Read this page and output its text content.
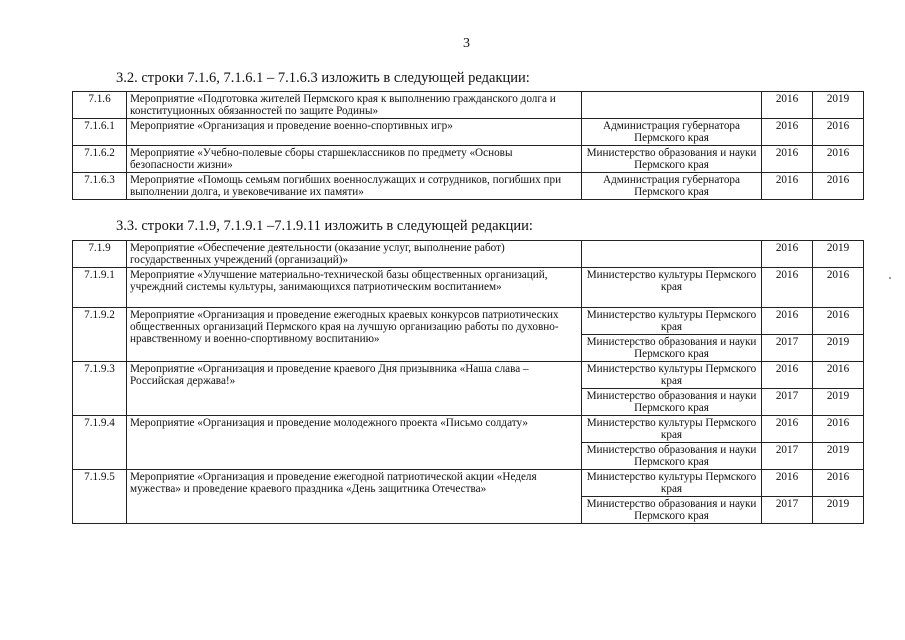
3
3.2. строки 7.1.6, 7.1.6.1 – 7.1.6.3 изложить в следующей редакции:
7.1.6	Мероприятие «Подготовка жителей Пермского края к выполнению гражданского долга и конституционных обязанностей по защите Родины»		2016	2019
7.1.6.1	Мероприятие «Организация и проведение военно-спортивных игр»	Администрация губернатора Пермского края	2016	2016
7.1.6.2	Мероприятие «Учебно-полевые сборы старшеклассников по предмету «Основы безопасности жизни»	Министерство образования и науки Пермского края	2016	2016
7.1.6.3	Мероприятие «Помощь семьям погибших военнослужащих и сотрудников, погибших при выполнении долга, и увековечивание их памяти»	Администрация губернатора Пермского края	2016	2016
3.3. строки 7.1.9, 7.1.9.1 –7.1.9.11 изложить в следующей редакции:
7.1.9	Мероприятие «Обеспечение деятельности (оказание услуг, выполнение работ) государственных учреждений (организаций)»		2016	2019
7.1.9.1	Мероприятие «Улучшение материально-технической базы общественных организаций, учреждний системы культуры, занимающихся патриотическим воспитанием»	Министерство культуры Пермского края	2016	2016
7.1.9.2	Мероприятие «Организация и проведение ежегодных краевых конкурсов патриотических общественных организаций Пермского края на лучшую организацию работы по духовно-нравственному и военно-спортивному воспитанию»	Министерство культуры Пермского края	2016	2016
		Министерство образования и науки Пермского края	2017	2019
7.1.9.3	Мероприятие «Организация и проведение краевого Дня призывника «Наша слава – Российская держава!»	Министерство культуры Пермского края	2016	2016
		Министерство образования и науки Пермского края	2017	2019
7.1.9.4	Мероприятие «Организация и проведение молодежного проекта «Письмо солдату»	Министерство культуры Пермского края	2016	2016
		Министерство образования и науки Пермского края	2017	2019
7.1.9.5	Мероприятие «Организация и проведение ежегодной патриотической акции «Неделя мужества» и проведение краевого праздника «День защитника Отечества»	Министерство культуры Пермского края	2016	2016
		Министерство образования и науки Пермского края	2017	2019
